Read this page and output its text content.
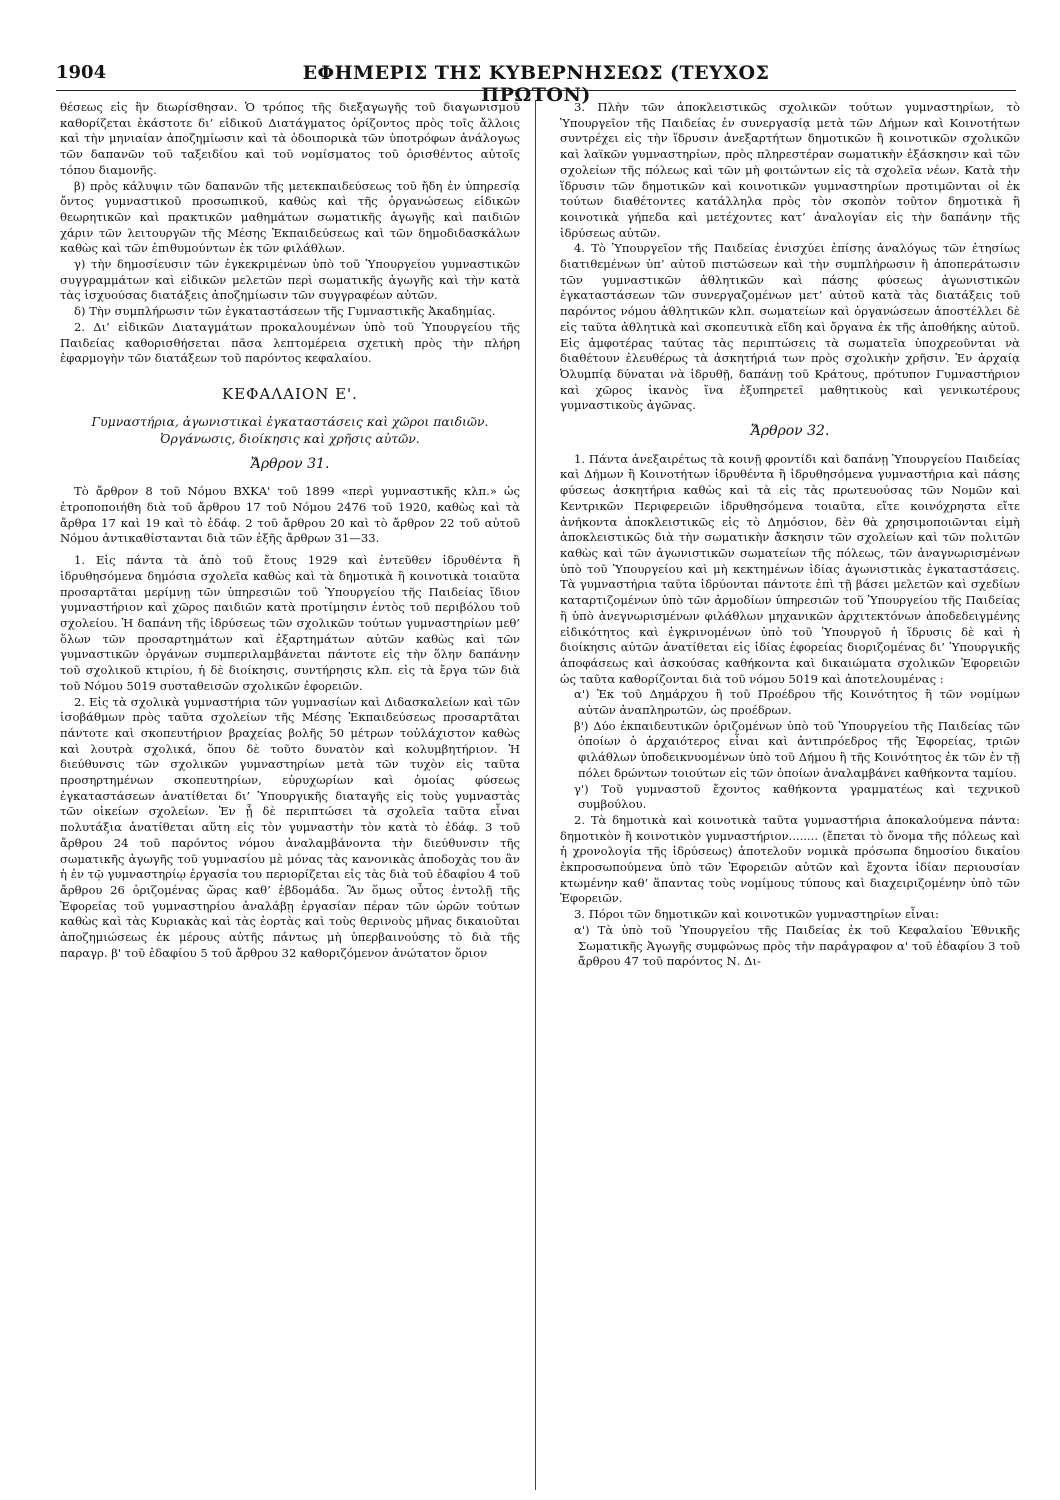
1904	ΕΦΗΜΕΡΙΣ ΤΗΣ ΚΥΒΕΡΝΗΣΕΩΣ (ΤΕΥΧΟΣ ΠΡΩΤΟΝ)

θέσεως εἰς ἣν διωρίσθησαν. Ὁ τρόπος τῆς διεξαγωγῆς τοῦ διαγωνισμοῦ καθορίζεται ἑκάστοτε δι’ εἰδικοῦ Διατάγματος ὁρίζοντος πρὸς τοῖς ἄλλοις καὶ τὴν μηνιαίαν ἀποζημίωσιν καὶ τὰ ὁδοιπορικὰ τῶν ὑποτρόφων ἀνάλογως τῶν δαπανῶν τοῦ ταξειδίου καὶ τοῦ νομίσματος τοῦ ὁρισθέντος αὐτοῖς τόπου διαμονῆς.

β) πρὸς κάλυψιν τῶν δαπανῶν τῆς μετεκπαιδεύσεως τοῦ ἤδη ἐν ὑπηρεσίᾳ ὄντος γυμναστικοῦ προσωπικοῦ, καθὼς καὶ τῆς ὀργανώσεως εἰδικῶν θεωρητικῶν καὶ πρακτικῶν μαθημάτων σωματικῆς ἀγωγῆς καὶ παιδιῶν χάριν τῶν λειτουργῶν τῆς Μέσης Ἐκπαιδεύσεως καὶ τῶν δημοδιδασκάλων καθὼς καὶ τῶν ἐπιθυμούντων ἐκ τῶν φιλάθλων.

γ) τὴν δημοσίευσιν τῶν ἐγκεκριμένων ὑπὸ τοῦ Ὑπουργείου γυμναστικῶν συγγραμμάτων καὶ εἰδικῶν μελετῶν περὶ σωματικῆς ἀγωγῆς καὶ τὴν κατὰ τὰς ἰσχυούσας διατάξεις ἀποζημίωσιν τῶν συγγραφέων αὐτῶν.

δ) Τὴν συμπλήρωσιν τῶν ἐγκαταστάσεων τῆς Γυμναστικῆς Ἀκαδημίας.

2. Δι’ εἰδικῶν Διαταγμάτων προκαλουμένων ὑπὸ τοῦ Ὑπουργείου τῆς Παιδείας καθορισθήσεται πᾶσα λεπτομέρεια σχετικὴ πρὸς τὴν πλήρη ἐφαρμογὴν τῶν διατάξεων τοῦ παρόντος κεφαλαίου.

ΚΕΦΑΛΑΙΟΝ Ε'.
Γυμναστήρια, ἀγωνιστικαὶ ἐγκαταστάσεις καὶ χῶροι παιδιῶν.
Ὀργάνωσις, διοίκησις καὶ χρῆσις αὐτῶν.
Ἄρθρον 31.

Τὸ ἄρθρον 8 τοῦ Νόμου ΒΧΚΑ' τοῦ 1899 «περὶ γυμναστικῆς κλπ.» ὡς ἐτροποποιήθη διὰ τοῦ ἄρθρου 17 τοῦ Νόμου 2476 τοῦ 1920, καθὼς καὶ τὰ ἄρθρα 17 καὶ 19 καὶ τὸ ἐδάφ. 2 τοῦ ἄρθρου 20 καὶ τὸ ἄρθρον 22 τοῦ αὐτοῦ Νόμου ἀντικαθίστανται διὰ τῶν ἑξῆς ἄρθρων 31—33.

1. Εἰς πάντα τὰ ἀπὸ τοῦ ἔτους 1929 καὶ ἐντεῦθεν ἱδρυθέντα ἢ ἱδρυθησόμενα δημόσια σχολεῖα καθὼς καὶ τὰ δημοτικὰ ἢ κοινοτικὰ τοιαῦτα προσαρτᾶται μερίμνῃ τῶν ὑπηρεσιῶν τοῦ Ὑπουργείου τῆς Παιδείας ἴδιον γυμναστήριον καὶ χῶρος παιδιῶν κατὰ προτίμησιν ἐντὸς τοῦ περιβόλου τοῦ σχολείου. Ἡ δαπάνη τῆς ἱδρύσεως τῶν σχολικῶν τούτων γυμναστηρίων μεθ’ ὅλων τῶν προσαρτημάτων καὶ ἐξαρτημάτων αὐτῶν καθὼς καὶ τῶν γυμναστικῶν ὀργάνων συμπεριλαμβάνεται πάντοτε εἰς τὴν ὅλην δαπάνην τοῦ σχολικοῦ κτιρίου, ἡ δὲ διοίκησις, συντήρησις κλπ. εἰς τὰ ἔργα τῶν διὰ τοῦ Νόμου 5019 συσταθεισῶν σχολικῶν ἐφορειῶν.

2. Εἰς τὰ σχολικὰ γυμναστήρια τῶν γυμνασίων καὶ Διδασκαλείων καὶ τῶν ἰσοβάθμων πρὸς ταῦτα σχολείων τῆς Μέσης Ἐκπαιδεύσεως προσαρτᾶται πάντοτε καὶ σκοπευτήριον βραχείας βολῆς 50 μέτρων τοὐλάχιστον καθὼς καὶ λουτρὰ σχολικά, ὅπου δὲ τοῦτο δυνατὸν καὶ κολυμβητήριον. Ἡ διεύθυνσις τῶν σχολικῶν γυμναστηρίων μετὰ τῶν τυχὸν εἰς ταῦτα προσηρτημένων σκοπευτηρίων, εὐρυχωρίων καὶ ὁμοίας φύσεως ἐγκαταστάσεων ἀνατίθεται δι’ Ὑπουργικῆς διαταγῆς εἰς τοὺς γυμναστὰς τῶν οἰκείων σχολείων. Ἐν ᾗ δὲ περιπτώσει τὰ σχολεῖα ταῦτα εἶναι πολυτάξια ἀνατίθεται αὕτη εἰς τὸν γυμναστὴν τὸν κατὰ τὸ ἐδάφ. 3 τοῦ ἄρθρου 24 τοῦ παρόντος νόμου ἀναλαμβάνοντα τὴν διεύθυνσιν τῆς σωματικῆς ἀγωγῆς τοῦ γυμνασίου μὲ μόνας τὰς κανονικὰς ἀποδοχὰς του ἂν ἡ ἐν τῷ γυμναστηρίῳ ἐργασία του περιορίζεται εἰς τὰς διὰ τοῦ ἐδαφίου 4 τοῦ ἄρθρου 26 ὁριζομένας ὥρας καθ’ ἑβδομάδα. Ἂν ὅμως οὗτος ἐντολῇ τῆς Ἐφορείας τοῦ γυμναστηρίου ἀναλάβῃ ἐργασίαν πέραν τῶν ὡρῶν τούτων καθὼς καὶ τὰς Κυριακὰς καὶ τὰς ἑορτὰς καὶ τοὺς θερινοὺς μῆνας δικαιοῦται ἀποζημιώσεως ἐκ μέρους αὐτῆς πάντως μὴ ὑπερβαινούσης τὸ διὰ τῆς παραγρ. β' τοῦ ἐδαφίου 5 τοῦ ἄρθρου 32 καθοριζόμενον ἀνώτατον ὅριον

3. Πλὴν τῶν ἀποκλειστικῶς σχολικῶν τούτων γυμναστηρίων, τὸ Ὑπουργεῖον τῆς Παιδείας ἐν συνεργασίᾳ μετὰ τῶν Δήμων καὶ Κοινοτήτων συντρέχει εἰς τὴν ἵδρυσιν ἀνεξαρτήτων δημοτικῶν ἢ κοινοτικῶν σχολικῶν καὶ λαϊκῶν γυμναστηρίων, πρὸς πληρεστέραν σωματικὴν ἐξάσκησιν καὶ τῶν σχολείων τῆς πόλεως καὶ τῶν μὴ φοιτώντων εἰς τὰ σχολεῖα νέων. Κατὰ τὴν ἵδρυσιν τῶν δημοτικῶν καὶ κοινοτικῶν γυμναστηρίων προτιμῶνται οἱ ἐκ τούτων διαθέτοντες κατάλληλα πρὸς τὸν σκοπὸν τοῦτον δημοτικὰ ἢ κοινοτικὰ γήπεδα καὶ μετέχοντες κατ’ ἀναλογίαν εἰς τὴν δαπάνην τῆς ἱδρύσεως αὐτῶν.

4. Τὸ Ὑπουργεῖον τῆς Παιδείας ἐνισχύει ἐπίσης ἀναλόγως τῶν ἐτησίως διατιθεμένων ὑπ’ αὐτοῦ πιστώσεων καὶ τὴν συμπλήρωσιν ἢ ἀποπεράτωσιν τῶν γυμναστικῶν ἀθλητικῶν καὶ πάσης φύσεως ἀγωνιστικῶν ἐγκαταστάσεων τῶν συνεργαζομένων μετ’ αὐτοῦ κατὰ τὰς διατάξεις τοῦ παρόντος νόμου ἀθλητικῶν κλπ. σωματείων καὶ ὀργανώσεων ἀποστέλλει δὲ εἰς ταῦτα ἀθλητικὰ καὶ σκοπευτικὰ εἴδη καὶ ὄργανα ἐκ τῆς ἀποθήκης αὐτοῦ. Εἰς ἀμφοτέρας ταύτας τὰς περιπτώσεις τὰ σωματεῖα ὑποχρεοῦνται νὰ διαθέτουν ἐλευθέρως τὰ ἀσκητήριά των πρὸς σχολικὴν χρῆσιν. Ἐν ἀρχαίᾳ Ὀλυμπίᾳ δύναται νὰ ἱδρυθῇ, δαπάνῃ τοῦ Κράτους, πρότυπον Γυμναστήριον καὶ χῶρος ἱκανὸς ἵνα ἐξυπηρετεῖ μαθητικοὺς καὶ γενικωτέρους γυμναστικοὺς ἀγῶνας.

Ἄρθρον 32.

1. Πάντα ἀνεξαιρέτως τὰ κοινῇ φροντίδι καὶ δαπάνῃ Ὑπουργείου Παιδείας καὶ Δήμων ἢ Κοινοτήτων ἱδρυθέντα ἢ ἱδρυθησόμενα γυμναστήρια καὶ πάσης φύσεως ἀσκητήρια καθὼς καὶ τὰ εἰς τὰς πρωτευούσας τῶν Νομῶν καὶ Κεντρικῶν Περιφερειῶν ἱδρυθησόμενα τοιαῦτα, εἴτε κοινόχρηστα εἴτε ἀνήκοντα ἀποκλειστικῶς εἰς τὸ Δημόσιον, δὲν θὰ χρησιμοποιῶνται εἰμὴ ἀποκλειστικῶς διὰ τὴν σωματικὴν ἄσκησιν τῶν σχολείων καὶ τῶν πολιτῶν καθὼς καὶ τῶν ἀγωνιστικῶν σωματείων τῆς πόλεως, τῶν ἀναγνωρισμένων ὑπὸ τοῦ Ὑπουργείου καὶ μὴ κεκτημένων ἰδίας ἀγωνιστικὰς ἐγκαταστάσεις. Τὰ γυμναστήρια ταῦτα ἱδρύονται πάντοτε ἐπὶ τῇ βάσει μελετῶν καὶ σχεδίων καταρτιζομένων ὑπὸ τῶν ἁρμοδίων ὑπηρεσιῶν τοῦ Ὑπουργείου τῆς Παιδείας ἢ ὑπὸ ἀνεγνωρισμένων φιλάθλων μηχανικῶν ἀρχιτεκτόνων ἀποδεδειγμένης εἰδικότητος καὶ ἐγκρινομένων ὑπὸ τοῦ Ὑπουργοῦ ἡ ἵδρυσις δὲ καὶ ἡ διοίκησις αὐτῶν ἀνατίθεται εἰς ἰδίας ἐφορείας διοριζομένας δι’ Ὑπουργικῆς ἀποφάσεως καὶ ἀσκούσας καθήκοντα καὶ δικαιώματα σχολικῶν Ἐφορειῶν ὡς ταῦτα καθορίζονται διὰ τοῦ νόμου 5019 καὶ ἀποτελουμένας :

α') Ἐκ τοῦ Δημάρχου ἢ τοῦ Προέδρου τῆς Κοινότητος ἢ τῶν νομίμων αὐτῶν ἀναπληρωτῶν, ὡς προέδρων.

β') Δύο ἐκπαιδευτικῶν ὁριζομένων ὑπὸ τοῦ Ὑπουργείου τῆς Παιδείας τῶν ὁποίων ὁ ἀρχαιότερος εἶναι καὶ ἀντιπρόεδρος τῆς Ἐφορείας, τριῶν φιλάθλων ὑποδεικνυομένων ὑπὸ τοῦ Δήμου ἢ τῆς Κοινότητος ἐκ τῶν ἐν τῇ πόλει δρώντων τοιούτων εἰς τῶν ὁποίων ἀναλαμβάνει καθήκοντα ταμίου.

γ') Τοῦ γυμναστοῦ ἔχοντος καθήκοντα γραμματέως καὶ τεχνικοῦ συμβούλου.

2. Τὰ δημοτικὰ καὶ κοινοτικὰ ταῦτα γυμναστήρια ἀποκαλούμενα πάντα: δημοτικὸν ἢ κοινοτικὸν γυμναστήριον........ (ἔπεται τὸ ὄνομα τῆς πόλεως καὶ ἡ χρονολογία τῆς ἱδρύσεως) ἀποτελοῦν νομικὰ πρόσωπα δημοσίου δικαίου ἐκπροσωπούμενα ὑπὸ τῶν Ἐφορειῶν αὐτῶν καὶ ἔχοντα ἰδίαν περιουσίαν κτωμένην καθ’ ἅπαντας τοὺς νομίμους τύπους καὶ διαχειριζομένην ὑπὸ τῶν Ἐφορειῶν.

3. Πόροι τῶν δημοτικῶν καὶ κοινοτικῶν γυμναστηρίων εἶναι:

α') Τὰ ὑπὸ τοῦ Ὑπουργείου τῆς Παιδείας ἐκ τοῦ Κεφαλαίου Ἐθνικῆς Σωματικῆς Ἀγωγῆς συμφώνως πρὸς τὴν παράγραφον α' τοῦ ἐδαφίου 3 τοῦ ἄρθρου 47 τοῦ παρόντος Ν. Δι-
